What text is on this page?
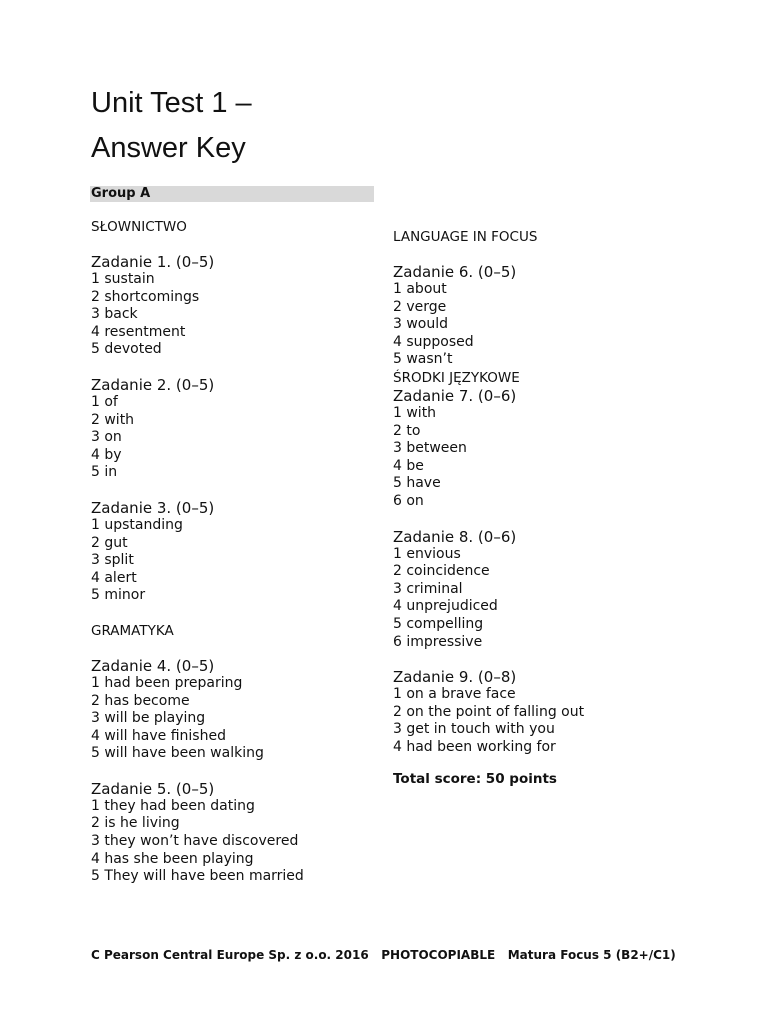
Unit Test 1 –
Answer Key
Group A
SŁOWNICTWO
Zadanie 1. (0–5)
1 sustain
2 shortcomings
3 back
4 resentment
5 devoted
Zadanie 2. (0–5)
1 of
2 with
3 on
4 by
5 in
Zadanie 3. (0–5)
1 upstanding
2 gut
3 split
4 alert
5 minor
GRAMATYKA
Zadanie 4. (0–5)
1 had been preparing
2 has become
3 will be playing
4 will have finished
5 will have been walking
Zadanie 5. (0–5)
1 they had been dating
2 is he living
3 they won’t have discovered
4 has she been playing
5 They will have been married
LANGUAGE IN FOCUS
Zadanie 6. (0–5)
1 about
2 verge
3 would
4 supposed
5 wasn’t
ŚRODKI JĘZYKOWE
Zadanie 7. (0–6)
1 with
2 to
3 between
4 be
5 have
6 on
Zadanie 8. (0–6)
1 envious
2 coincidence
3 criminal
4 unprejudiced
5 compelling
6 impressive
Zadanie 9. (0–8)
1 on a brave face
2 on the point of falling out
3 get in touch with you
4 had been working for
Total score: 50 points
C Pearson Central Europe Sp. z o.o. 2016   PHOTOCOPIABLE   Matura Focus 5 (B2+/C1)
